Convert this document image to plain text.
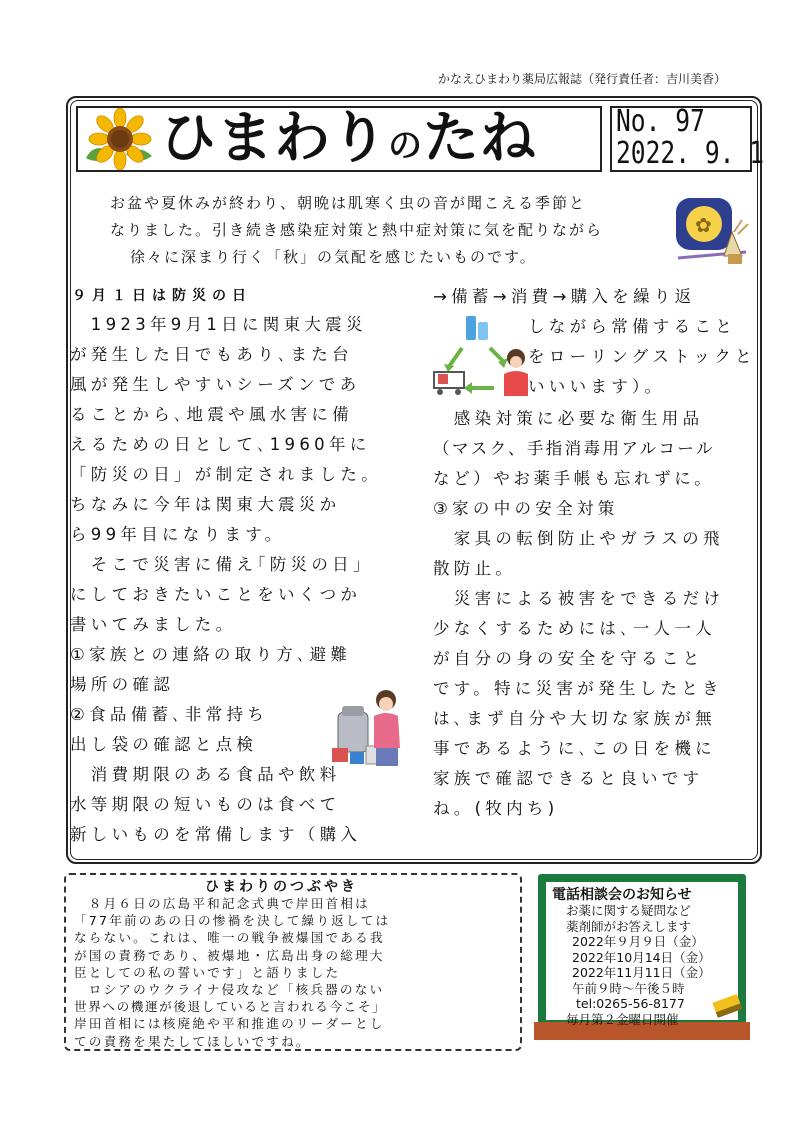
かなえひまわり薬局広報誌（発行責任者：吉川美香）
ひまわりのたね	No. 97
2022. 9. 1
お盆や夏休みが終わり、朝晩は肌寒く虫の音が聞こえる季節と
なりました。引き続き感染症対策と熱中症対策に気を配りながら
徐々に深まり行く「秋」の気配を感じたいものです。
✿
９月１日は防災の日
　1923年9月1日に関東大震災
が発生した日でもあり､また台
風が発生しやすいシーズンであ
ることから､地震や風水害に備
えるための日として､1960年に
「防災の日」が制定されました。
ちなみに今年は関東大震災か
ら99年目になります。
　そこで災害に備え｢防災の日」
にしておきたいことをいくつか
書いてみました。
①家族との連絡の取り方､避難
場所の確認
②食品備蓄､非常持ち
出し袋の確認と点検
　消費期限のある食品や飲料
水等期限の短いものは食べて
新しいものを常備します（購入
→備蓄→消費→購入を繰り返
しながら常備すること
をローリングストックと
いいいます）。
　感染対策に必要な衛生用品
（マスク、手指消毒用アルコール
など）やお薬手帳も忘れずに。
③家の中の安全対策
　家具の転倒防止やガラスの飛
散防止。
　災害による被害をできるだけ
少なくするためには､一人一人
が自分の身の安全を守ること
です。特に災害が発生したとき
は､まず自分や大切な家族が無
事であるように､この日を機に
家族で確認できると良いです
ね。(牧内ち)
ひまわりのつぶやき
　８月６日の広島平和記念式典で岸田首相は
「77年前のあの日の惨禍を決して繰り返しては
ならない。これは、唯一の戦争被爆国である我
が国の責務であり、被爆地・広島出身の総理大
臣としての私の誓いです」と語りました
　ロシアのウクライナ侵攻など「核兵器のない
世界への機運が後退していると言われる今こそ」
岸田首相には核廃絶や平和推進のリーダーとし
ての責務を果たしてほしいですね。
電話相談会のお知らせ
お薬に関する疑問など
薬剤師がお答えします
2022年９月９日（金）
2022年10月14日（金）
2022年11月11日（金）
午前９時～午後５時
tel:0265-56-8177
毎月第２金曜日開催
